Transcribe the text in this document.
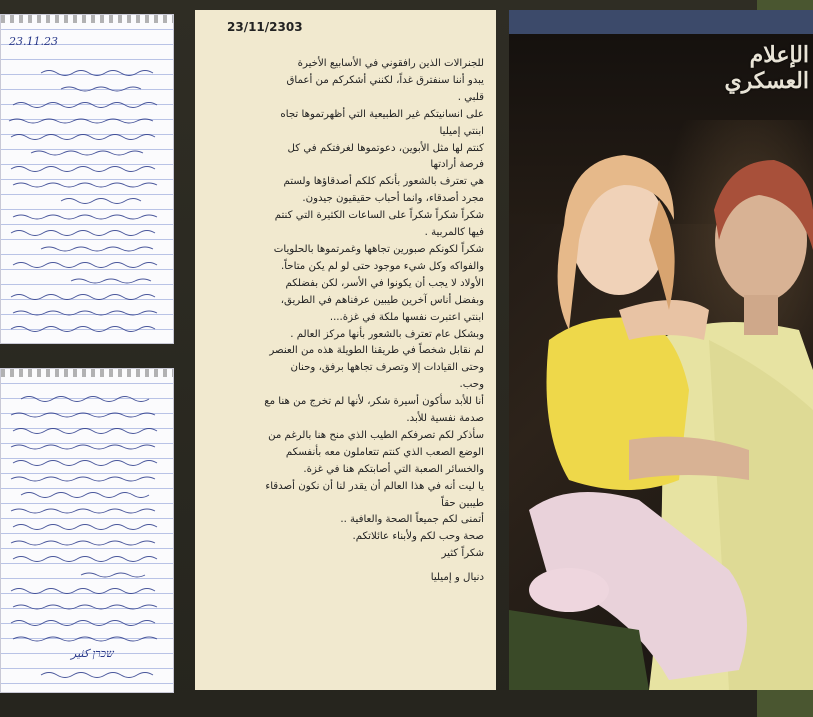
23.11.23
שכרן كثير
23/11/2303

للجنرالات الذين رافقوني في الأسابيع الأخيرة

يبدو أننا سنفترق غداً، لكنني أشكركم من أعماق

قلبي .

على انسانيتكم غير الطبيعية التي أظهرتموها تجاه

ابنتي إميليا

كنتم لها مثل الأبوين، دعوتموها لغرفتكم في كل

فرصة أرادتها

هي تعترف بالشعور بأنكم كلكم أصدقاؤها ولستم

مجرد أصدقاء، وانما أحباب حقيقيون جيدون.

شكراً شكراً شكراً على الساعات الكثيرة التي كنتم

فيها كالمربية .

شكراً لكونكم صبورين تجاهها وغمرتموها بالحلويات

والفواكه وكل شيء موجود حتى لو لم يكن متاحاً.

الأولاد لا يجب أن يكونوا في الأسر، لكن بفضلكم

وبفضل أناس آخرين طيبين عرفناهم في الطريق،

ابنتي اعتبرت نفسها ملكة في غزة....

وبشكل عام تعترف بالشعور بأنها مركز العالم .

لم نقابل شخصاً في طريقنا الطويلة هذه من العنصر

وحتى القيادات إلا وتصرف تجاهها برفق، وحنان

وحب.

أنا للأبد سأكون أسيرة شكر، لأنها لم تخرج من هنا مع

صدمة نفسية للأبد.

سأذكر لكم تصرفكم الطيب الذي منح هنا بالرغم من

الوضع الصعب الذي كنتم تتعاملون معه بأنفسكم

والخسائر الصعبة التي أصابتكم هنا في غزة.

يا ليت أنه في هذا العالم أن يقدر لنا أن نكون أصدقاء

طيبين حقاً

أتمنى لكم جميعاً الصحة والعافية ..

صحة وحب لكم ولأبناء عائلاتكم.

شكراً كثير

دنيال و إميليا
الإعلام العسكري
